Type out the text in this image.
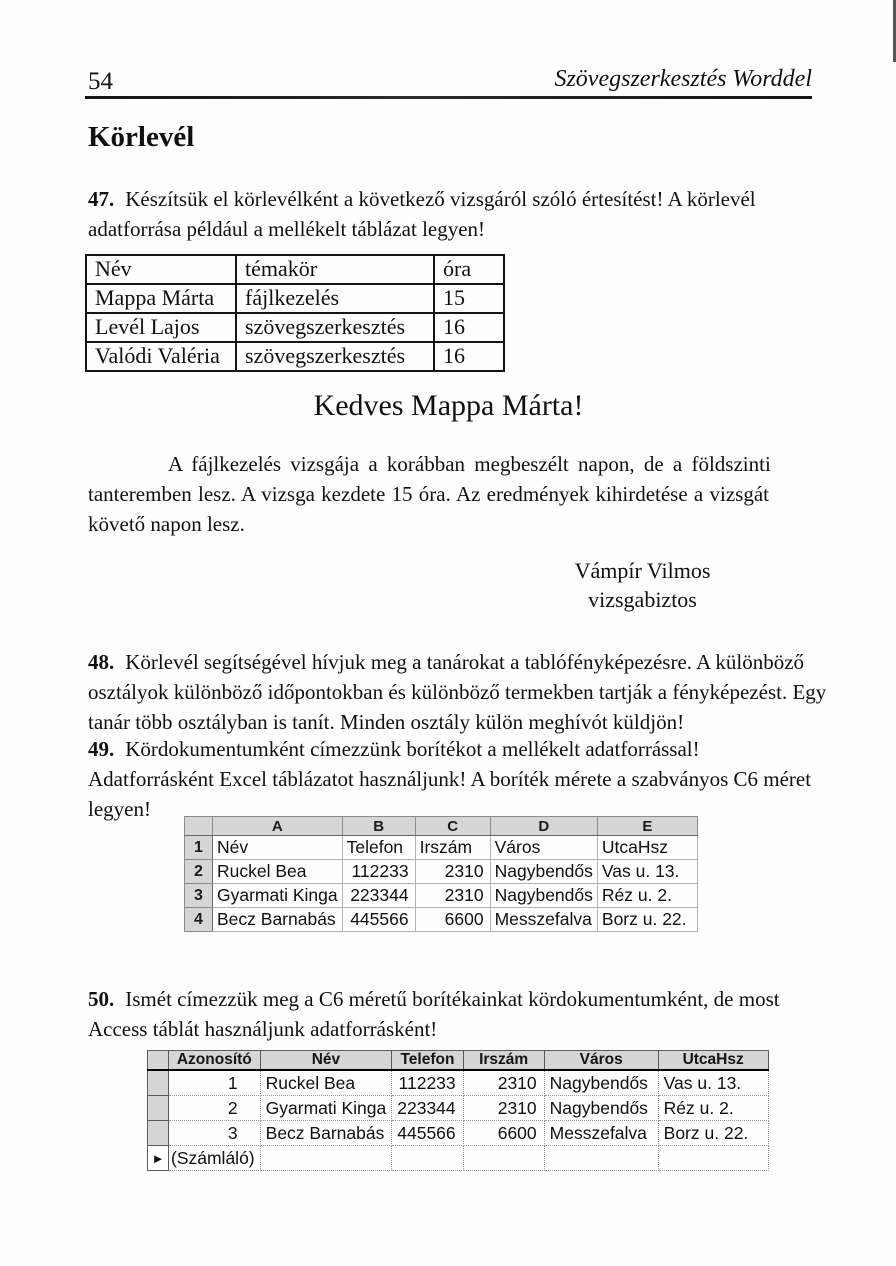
54	Szövegszerkesztés Worddel
Körlevél
47. Készítsük el körlevélként a következő vizsgáról szóló értesítést! A körlevél
adatforrása például a mellékelt táblázat legyen!
Név	témakör	óra
Mappa Márta	fájlkezelés	15
Levél Lajos	szövegszerkesztés	16
Valódi Valéria	szövegszerkesztés	16
Kedves Mappa Márta!
A fájlkezelés vizsgája a korábban megbeszélt napon, de a földszinti
tanteremben lesz. A vizsga kezdete 15 óra. Az eredmények kihirdetése a vizsgát
követő napon lesz.
Vámpír Vilmos
vizsgabiztos
48. Körlevél segítségével hívjuk meg a tanárokat a tablófényképezésre. A különböző
osztályok különböző időpontokban és különböző termekben tartják a fényképezést. Egy
tanár több osztályban is tanít. Minden osztály külön meghívót küldjön!
49. Kördokumentumként címezzünk borítékot a mellékelt adatforrással!
Adatforrásként Excel táblázatot használjunk! A boríték mérete a szabványos C6 méret
legyen!
	A	B	C	D	E
1	Név	Telefon	Irszám	Város	UtcaHsz
2	Ruckel Bea	112233	2310	Nagybendős	Vas u. 13.
3	Gyarmati Kinga	223344	2310	Nagybendős	Réz u. 2.
4	Becz Barnabás	445566	6600	Messzefalva	Borz u. 22.
50. Ismét címezzük meg a C6 méretű borítékainkat kördokumentumként, de most
Access táblát használjunk adatforrásként!
	Azonosító	Név	Telefon	Irszám	Város	UtcaHsz
	1	Ruckel Bea	112233	2310	Nagybendős	Vas u. 13.
	2	Gyarmati Kinga	223344	2310	Nagybendős	Réz u. 2.
	3	Becz Barnabás	445566	6600	Messzefalva	Borz u. 22.
►	(Számláló)					
